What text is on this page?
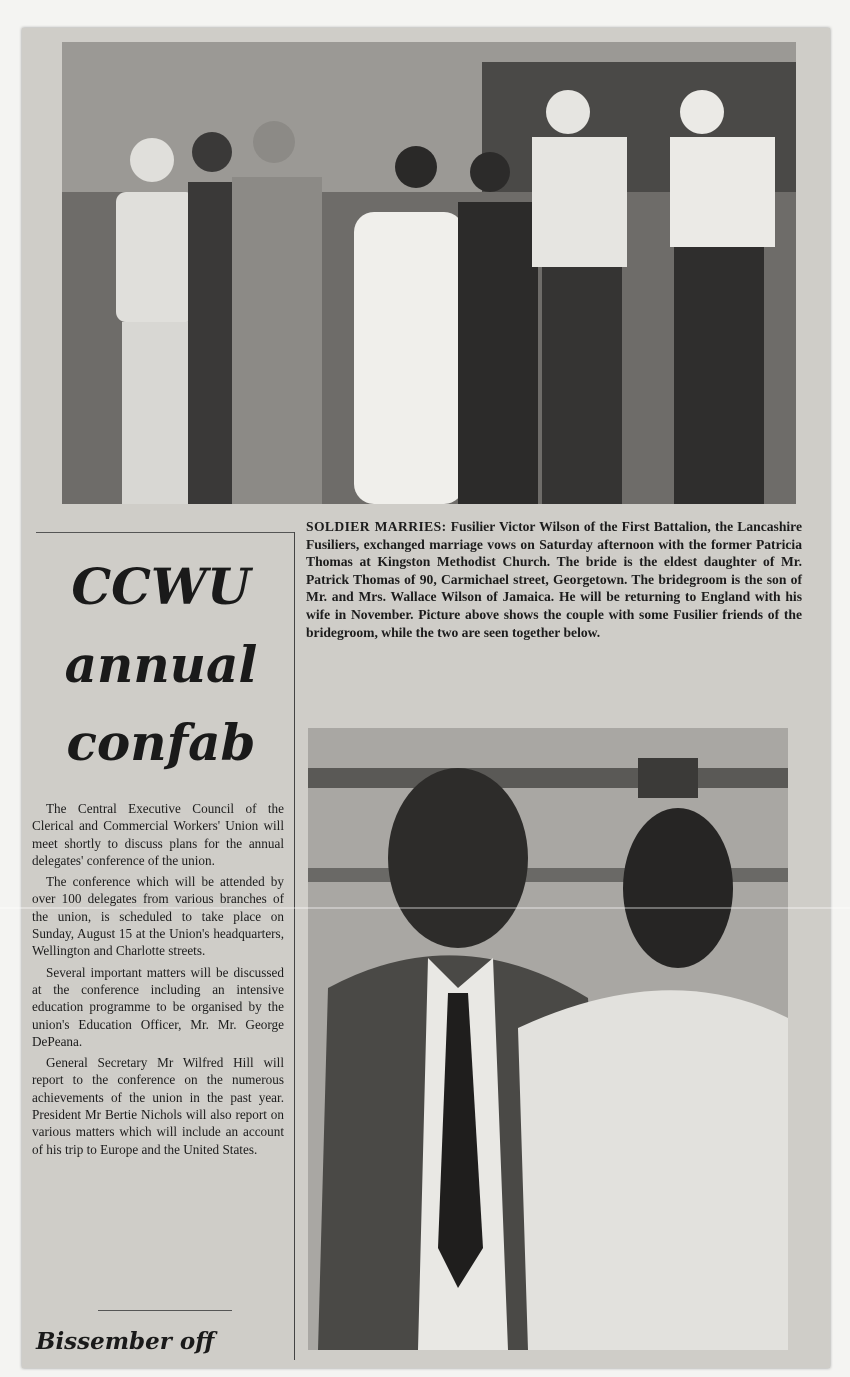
CCWU
annual
confab

The Central Executive Council of the Clerical and Commercial Workers' Union will meet shortly to discuss plans for the annual delegates' conference of the union.

The conference which will be attended by over 100 delegates from various branches of the union, is scheduled to take place on Sunday, August 15 at the Union's headquarters, Wellington and Charlotte streets.

Several important matters will be discussed at the conference including an intensive education programme to be organised by the union's Education Officer, Mr. Mr. George DePeana.

General Secretary Mr Wilfred Hill will report to the conference on the numerous achievements of the union in the past year. President Mr Bertie Nichols will also report on various matters which will include an account of his trip to Europe and the United States.

SOLDIER MARRIES: Fusilier Victor Wilson of the First Battalion, the Lancashire Fusiliers, exchanged marriage vows on Saturday afternoon with the former Patricia Thomas at Kingston Methodist Church. The bride is the eldest daughter of Mr. Patrick Thomas of 90, Carmichael street, Georgetown. The bridegroom is the son of Mr. and Mrs. Wallace Wilson of Jamaica. He will be returning to England with his wife in November. Picture above shows the couple with some Fusilier friends of the bridegroom, while the two are seen together below.
Bissember off
